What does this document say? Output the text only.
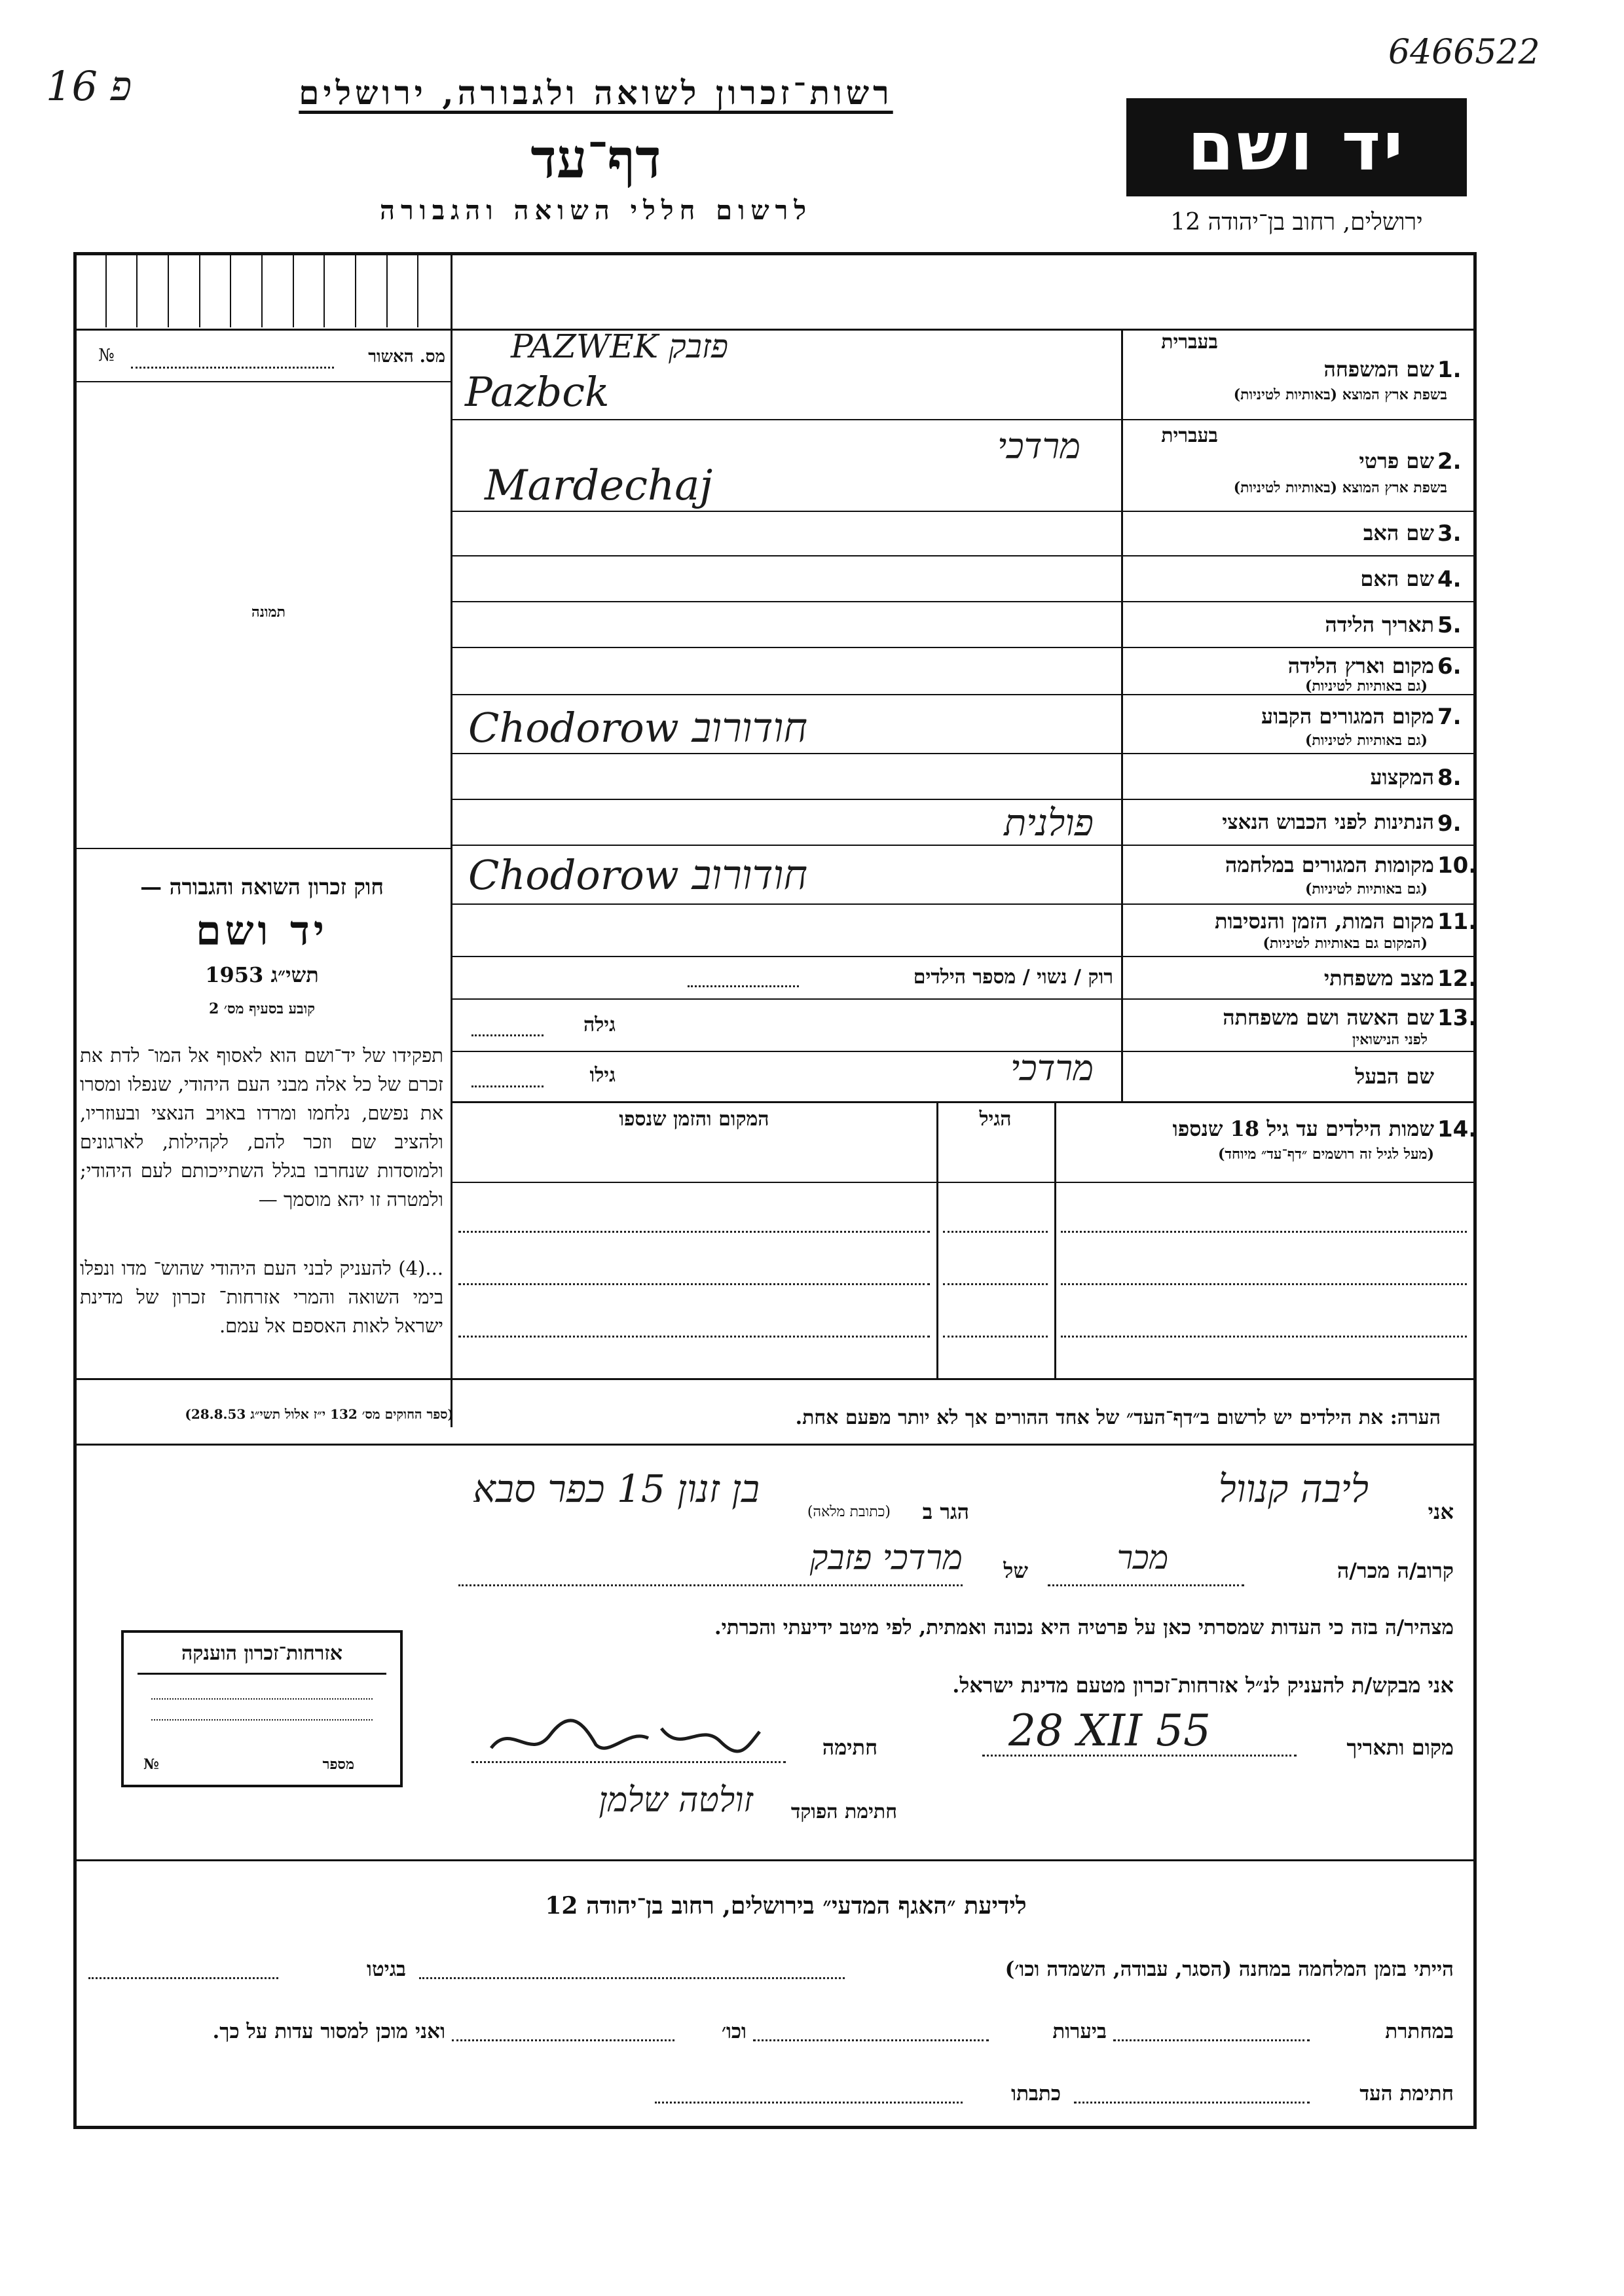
פ 16
6466522
רשות־זכרון לשואה ולגבורה, ירושלים
דף־עד
לרשום חללי השואה והגבורה
יד ושם
ירושלים, רחוב בן־יהודה 12
מס. האשור
№
תמונה
חוק זכרון השואה והגבורה —
יד ושם
תשי״ג 1953
קובע בסעיף מס׳ 2
תפקידו של יד־ושם הוא לאסוף אל המו־ לדת את זכרם של כל אלה מבני העם היהודי, שנפלו ומסרו את נפשם, נלחמו ומרדו באויב הנאצי ובעוזריו, ולהציב שם וזכר להם, לקהילות, לארגונים ולמוסדות שנחרבו בגלל השתייכותם לעם היהודי; ולמטרה זו יהא מוסמך —
...(4) להעניק לבני העם היהודי שהוש־ מדו ונפלו בימי השואה והמרי אזרחות־ זכרון של מדינת ישראל לאות האספם אל עמם.
(ספר החוקים מס׳ 132 י״ז אלול תשי״ג 28.8.53)
בעברית
1.
שם המשפחה
בשפת ארץ המוצא (באותיות לטיניות)
PAZWEK פזבק
Pazbck
בעברית
2.
שם פרטי
בשפת ארץ המוצא (באותיות לטיניות)
מרדכי
Mardechaj
3.
שם האב
4.
שם האם
5.
תאריך הלידה
6.
מקום וארץ הלידה
(גם באותיות לטיניות)
7.
מקום המגורים הקבוע
(גם באותיות לטיניות)
Chodorow חודורוב
8.
המקצוע
9.
הנתינות לפני הכבוש הנאצי
פולנית
10.
מקומות המגורים במלחמה
(גם באותיות לטיניות)
Chodorow חודורוב
11.
מקום המות, הזמן והנסיבות
(המקום גם באותיות לטיניות)
12.
מצב משפחתי
רוק / נשוי / מספר הילדים
13.
שם האשה ושם משפחתה
לפני הנישואין
גילה
שם הבעל
מרדכי
גילו
14.
שמות הילדים עד גיל 18 שנספו
(מעל לגיל זה רושמים ״דף־עד״ מיוחד)
הגיל
המקום והזמן שנספו
הערה: את הילדים יש לרשום ב״דף־העד״ של אחד ההורים אך לא יותר מפעם אחת.
אני
ליבה קנוול
הגר ב
(כתובת מלאה)
בן זנון 15 כפר סבא
קרוב/ה מכר/ה
מכר
של
מרדכי פזבק
מצהיר/ה בזה כי העדות שמסרתי כאן על פרטיה היא נכונה ואמתית, לפי מיטב ידיעתי והכרתי.
אני מבקש/ת להעניק לנ״ל אזרחות־זכרון מטעם מדינת ישראל.
מקום ותאריך
28 XII 55
חתימה
חתימת הפוקד
זולטה שלמן
אזרחות־זכרון הוענקה
מספר
№
לידיעת ״האגף המדעי״ בירושלים, רחוב בן־יהודה 12
הייתי בזמן המלחמה במחנה (הסגר, עבודה, השמדה וכו׳)
בגיטו
במחתרת
ביערות
וכו׳
ואני מוכן למסור עדות על כך.
חתימת העד
כתבתו
